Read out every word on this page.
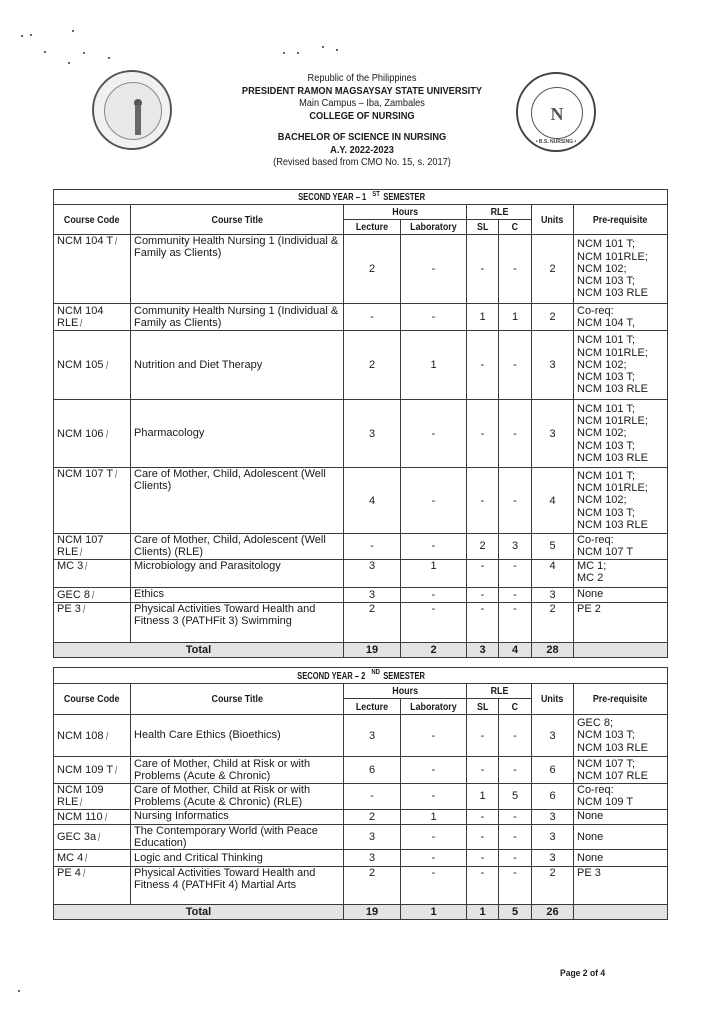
N
• B.S. NURSING •
Republic of the Philippines
PRESIDENT RAMON MAGSAYSAY STATE UNIVERSITY
Main Campus – Iba, Zambales
COLLEGE OF NURSING
BACHELOR OF SCIENCE IN NURSING
A.Y. 2022-2023
(Revised based from CMO No. 15, s. 2017)
SECOND YEAR – 1 $^{ST}$SEMESTER							
Course Code	Course Title	Hours		RLE		Units	Pre-requisite
		Lecture	Laboratory	SL	C		
NCM 104 T ⁄	Community Health Nursing 1 (Individual & Family as Clients)	2	-	-	-	2	NCM 101 T;
NCM 101RLE;
NCM 102;
NCM 103 T;
NCM 103 RLE

NCM 104 RLE ⁄	Community Health Nursing 1 (Individual & Family as Clients)	-	-	1	1	2	Co-req:
NCM 104 T,

NCM 105 ⁄	Nutrition and Diet Therapy	2	1	-	-	3	NCM 101 T;
NCM 101RLE;
NCM 102;
NCM 103 T;
NCM 103 RLE

NCM 106 ⁄	Pharmacology	3	-	-	-	3	NCM 101 T;
NCM 101RLE;
NCM 102;
NCM 103 T;
NCM 103 RLE

NCM 107 T ⁄	Care of Mother, Child, Adolescent (Well Clients)	4	-	-	-	4	NCM 101 T;
NCM 101RLE;
NCM 102;
NCM 103 T;
NCM 103 RLE

NCM 107 RLE ⁄	Care of Mother, Child, Adolescent (Well Clients) (RLE)	-	-	2	3	5	Co-req:
NCM 107 T

MC 3 ⁄	Microbiology and Parasitology	3	1	-	-	4	MC 1;
MC 2

GEC 8 ⁄	Ethics	3	-	-	-	3	None

PE 3 ⁄	Physical Activities Toward Health and Fitness 3 (PATHFit 3) Swimming	2	-	-	-	2	PE 2

Total		19	2	3	4	28	
SECOND YEAR – 2 $^{ND}$SEMESTER							
Course Code	Course Title	Hours		RLE		Units	Pre-requisite
		Lecture	Laboratory	SL	C		
NCM 108 ⁄	Health Care Ethics (Bioethics)	3	-	-	-	3	GEC 8;
NCM 103 T;
NCM 103 RLE

NCM 109 T ⁄	Care of Mother, Child at Risk or with Problems (Acute & Chronic)	6	-	-	-	6	NCM 107 T;
NCM 107 RLE

NCM 109 RLE ⁄	Care of Mother, Child at Risk or with Problems (Acute & Chronic) (RLE)	-	-	1	5	6	Co-req:
NCM 109 T

NCM 110 ⁄	Nursing Informatics	2	1	-	-	3	None

GEC 3a ⁄	The Contemporary World (with Peace Education)	3	-	-	-	3	None

MC 4 ⁄	Logic and Critical Thinking	3	-	-	-	3	None

PE 4 ⁄	Physical Activities Toward Health and Fitness 4 (PATHFit 4) Martial Arts	2	-	-	-	2	PE 3

Total		19	1	1	5	26	
Page 2 of 4
